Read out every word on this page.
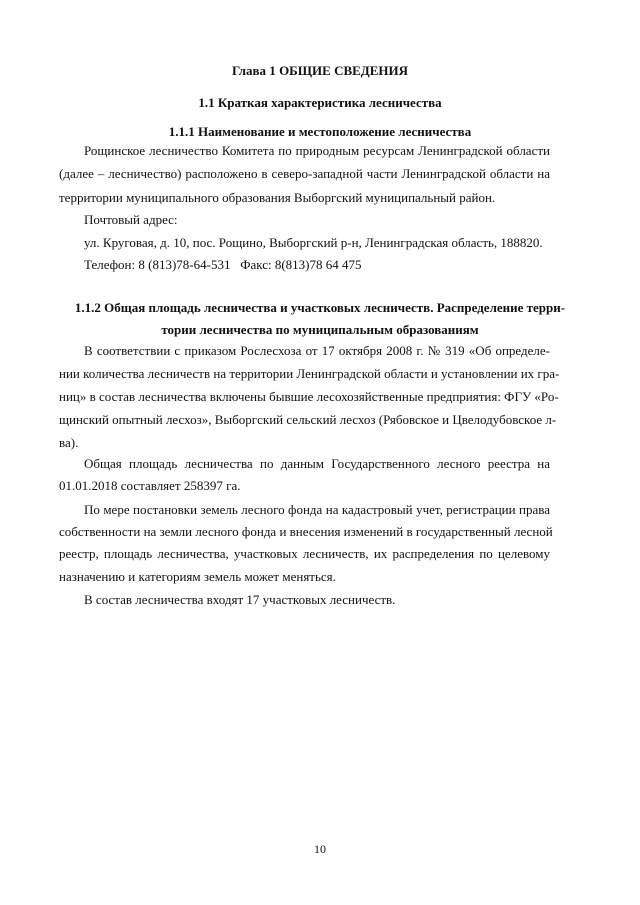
Глава 1 ОБЩИЕ СВЕДЕНИЯ
1.1 Краткая характеристика лесничества
1.1.1 Наименование и местоположение лесничества
Рощинское лесничество Комитета по природным ресурсам Ленинградской области
(далее – лесничество) расположено в северо-западной части Ленинградской области на
территории муниципального образования Выборгский муниципальный район.
Почтовый адрес:
ул. Круговая, д. 10, пос. Рощино, Выборгский р-н, Ленинградская область, 188820.
Телефон: 8 (813)78-64-531   Факс: 8(813)78 64 475
1.1.2 Общая площадь лесничества и участковых лесничеств. Распределение терри-
тории лесничества по муниципальным образованиям
В соответствии с приказом Рослесхоза от 17 октября 2008 г. № 319 «Об определе-
нии количества лесничеств на территории Ленинградской области и установлении их гра-
ниц» в состав лесничества включены бывшие лесохозяйственные предприятия: ФГУ «Ро-
щинский опытный лесхоз», Выборгский сельский лесхоз (Рябовское и Цвелодубовское л-
ва).
Общая площадь лесничества по данным Государственного лесного реестра на
01.01.2018 составляет 258397 га.
По мере постановки земель лесного фонда на кадастровый учет, регистрации права
собственности на земли лесного фонда и внесения изменений в государственный лесной
реестр, площадь лесничества, участковых лесничеств, их распределения по целевому
назначению и категориям земель может меняться.
В состав лесничества входят 17 участковых лесничеств.
10
